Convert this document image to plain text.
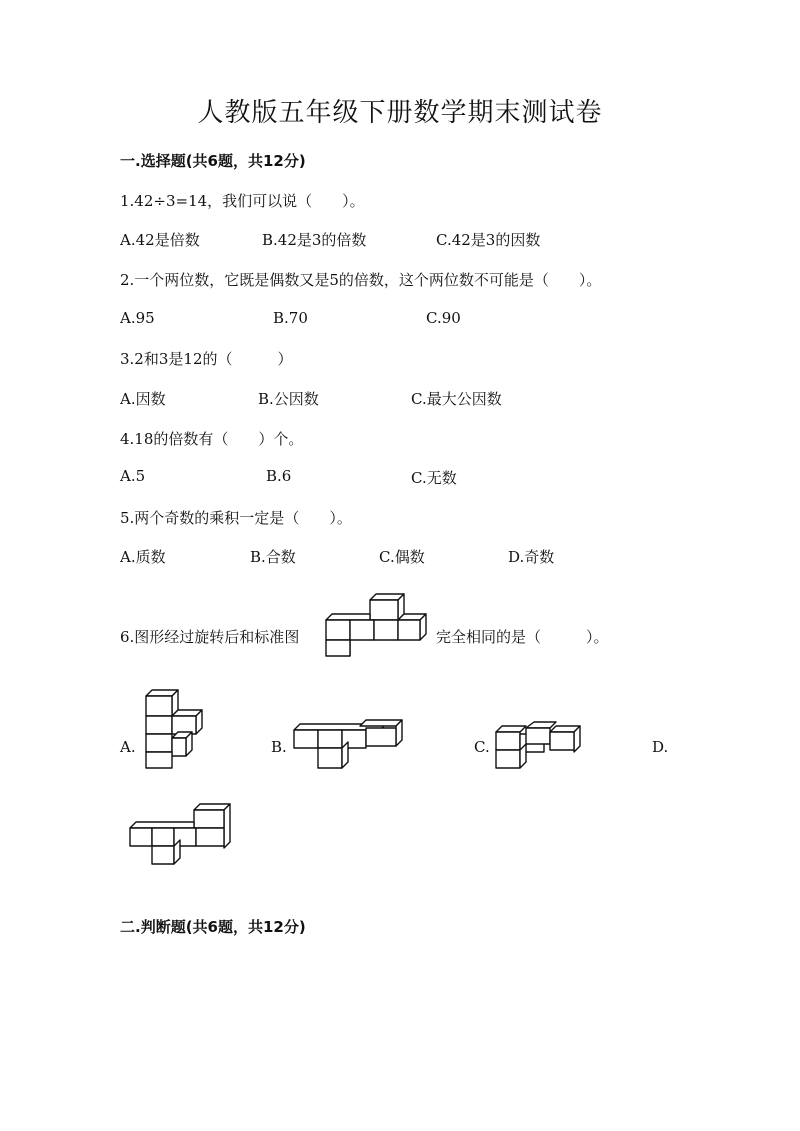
人教版五年级下册数学期末测试卷
一.选择题(共6题，共12分)
1.42÷3=14，我们可以说（　　）。
A.42是倍数	B.42是3的倍数	C.42是3的因数
2.一个两位数，它既是偶数又是5的倍数，这个两位数不可能是（　　）。
A.95	B.70	C.90
3.2和3是12的（　　　）
A.因数	B.公因数	C.最大公因数
4.18的倍数有（　　）个。
A.5	B.6	C.无数
5.两个奇数的乘积一定是（　　）。
A.质数	B.合数	C.偶数	D.奇数
6.图形经过旋转后和标准图	完全相同的是（　　　）。
A.	B.	C.	D.
二.判断题(共6题，共12分)
